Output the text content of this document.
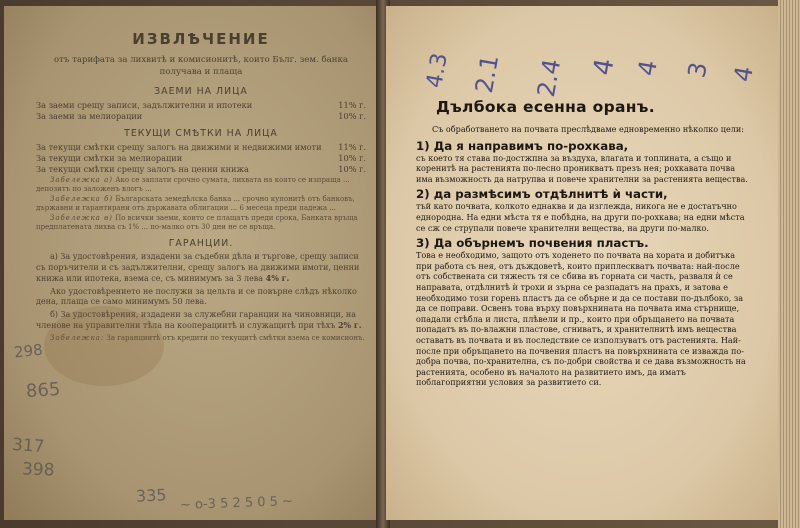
ИЗВЛѢЧЕНИЕ
отъ тарифата за лихвитѣ и комисионитѣ, които Бълг. зем. банка получава и плаща
ЗАЕМИ НА ЛИЦА
За заеми срещу записи, задължителни и ипотеки	11% г.
За заеми за мелиорации	10% г.
ТЕКУЩИ СМѢТКИ НА ЛИЦА
За текущи смѣтки срещу залогъ на движими и недвижими имоти 11% г.
За текущи смѣтки за мелиорации	10% г.
За текущи смѣтки срещу залогъ на ценни книжа	10% г.
Забележка а) Ако се заплати срочно сумата, лихвата на която се изпраща ... депозитъ по заложенъ влогъ ...
Забележка б) Българската земедѣлска банка ... срочно купонитѣ отъ банковъ, държавни и гарантирани отъ държавата облигации ... 6 месеца преди падежа ...
Забележка в) По всички заеми, които се плащатъ преди срока, Банката връща предплатената лихва съ 1% ... по-малко отъ 30 дни не се връща.
ГАРАНЦИИ.
а) За удостовѣрения, издадени за съдебни дѣла и търгове, срещу записи съ поръчители и съ задължителни, срещу залогъ на движими имоти, ценни книжа или ипотека, взема се, съ минимумъ за 3 лева 4% г.
Ако удостовѣрението не послужи за цельта и се повърне слѣдъ нѣколко дена, плаща се само минимумъ 50 лева.
б) За удостовѣрения, издадени за служебни гаранции на чиновници, на членове на управителни тѣла на кооперациитѣ и служащитѣ при тѣхъ 2% г.
Забележка: За гаранциитѣ отъ кредити по текущитѣ смѣтки взема се комисионъ.
Дълбока есенна оранъ.
Съ обработването на почвата преслѣдваме едновременно нѣколко цели:
1) Да я направимъ по-рохкава,
съ което тя става по-достжпна за въздуха, влагата и топлината, а също и коренитѣ на растенията по-лесно проникватъ презъ нея; рохкавата почва има възможность да натрупва и повече хранителни за растенията вещества.
2) да размѣсимъ отдѣлнитѣ ѝ части,
тъй като почвата, колкото еднаква и да изглежда, никога не е достатъчно еднородна. На едни мѣста тя е побѣдна, на други по-рохкава; на едни мѣста се сж се струпали повече хранителни вещества, на други по-малко.
3) Да обърнемъ почвения пластъ.
Това е необходимо, защото отъ ходенето по почвата на хората и добитъка при работа съ нея, отъ дъждоветѣ, които приплескватъ почвата: най-после отъ собствената си тяжесть тя се сбива въ горната си часть, разваля ѝ се направата, отдѣлнитѣ ѝ трохи и зърна се разпадатъ на прахъ, и затова е необходимо този горень пластъ да се обърне и да се постави по-дълбоко, за да се поправи. Освенъ това върху повърхнината на почвата има стърнище, опадали стѣбла и листа, плѣвели и пр., които при обръщането на почвата попадатъ въ по-влажни пластове, сгниватъ, и хранителнитѣ имъ вещества оставатъ въ почвата и въ последствие се използуватъ отъ растенията. Най-после при обръщането на почвения пластъ на повърхнината се изважда по-добра почва, по-хранителна, съ по-добри свойства и се дава възможность на растенията, особено въ началото на развитието имъ, да иматъ поблагоприятни условия за развитието си.
4.3 2.1 2.4 4 4 3 4
298
865
317
398
335 ~ о-3 5 2 5 0 5 ~
